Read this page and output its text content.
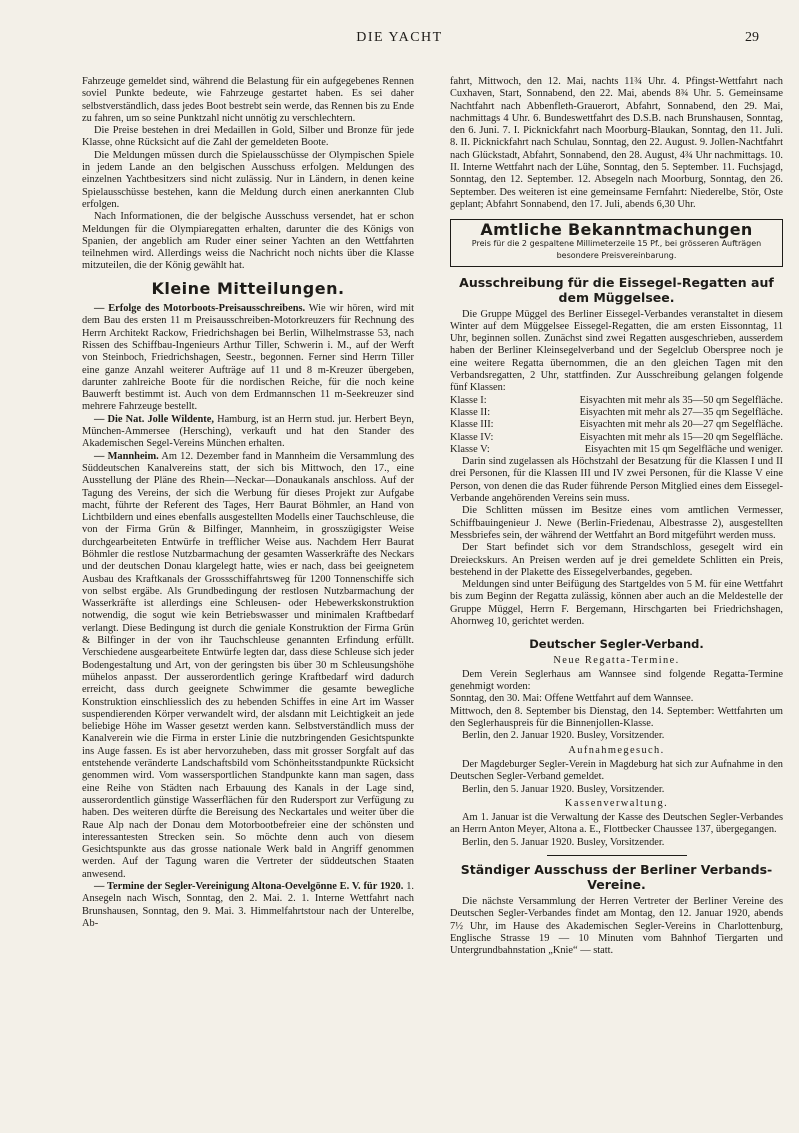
DIE YACHT	29

Fahrzeuge gemeldet sind, während die Belastung für ein aufgegebenes Rennen soviel Punkte bedeute, wie Fahrzeuge gestartet haben. Es sei daher selbstverständlich, dass jedes Boot bestrebt sein werde, das Rennen bis zu Ende zu fahren, um so seine Punktzahl nicht unnötig zu verschlechtern.

Die Preise bestehen in drei Medaillen in Gold, Silber und Bronze für jede Klasse, ohne Rücksicht auf die Zahl der gemeldeten Boote.

Die Meldungen müssen durch die Spielausschüsse der Olympischen Spiele in jedem Lande an den belgischen Ausschuss erfolgen. Meldungen des einzelnen Yachtbesitzers sind nicht zulässig. Nur in Ländern, in denen keine Spielausschüsse bestehen, kann die Meldung durch einen anerkannten Club erfolgen.

Nach Informationen, die der belgische Ausschuss versendet, hat er schon Meldungen für die Olympiaregatten erhalten, darunter die des Königs von Spanien, der angeblich am Ruder einer seiner Yachten an den Wettfahrten teilnehmen wird. Allerdings weiss die Nachricht noch nichts über die Klasse mitzuteilen, die der König gewählt hat.

Kleine Mitteilungen.

— Erfolge des Motorboots-Preisausschreibens. Wie wir hören, wird mit dem Bau des ersten 11 m Preisausschreiben-Motorkreuzers für Rechnung des Herrn Architekt Rackow, Friedrichshagen bei Berlin, Wilhelmstrasse 53, nach Rissen des Schiffbau-Ingenieurs Arthur Tiller, Schwerin i. M., auf der Werft von Steinboch, Friedrichshagen, Seestr., begonnen. Ferner sind Herrn Tiller eine ganze Anzahl weiterer Aufträge auf 11 und 8 m-Kreuzer übergeben, darunter zahlreiche Boote für die nordischen Reiche, für die noch keine Bauwerft bestimmt ist. Auch von dem Erdmannschen 11 m-Seekreuzer sind mehrere Fahrzeuge bestellt.

— Die Nat. Jolle Wildente, Hamburg, ist an Herrn stud. jur. Herbert Beyn, München-Ammersee (Hersching), verkauft und hat den Stander des Akademischen Segel-Vereins München erhalten.

— Mannheim. Am 12. Dezember fand in Mannheim die Versammlung des Süddeutschen Kanalvereins statt, der sich bis Mittwoch, den 17., eine Ausstellung der Pläne des Rhein—Neckar—Donaukanals anschloss. Auf der Tagung des Vereins, der sich die Werbung für dieses Projekt zur Aufgabe macht, führte der Referent des Tages, Herr Baurat Böhmler, an Hand von Lichtbildern und eines ebenfalls ausgestellten Modells einer Tauchschleuse, die von der Firma Grün & Bilfinger, Mannheim, in grosszügigster Weise durchgearbeiteten Entwürfe in trefflicher Weise aus. Nachdem Herr Baurat Böhmler die restlose Nutzbarmachung der gesamten Wasserkräfte des Neckars und der deutschen Donau klargelegt hatte, wies er nach, dass bei geeignetem Ausbau des Kraftkanals der Grossschiffahrtsweg für 1200 Tonnenschiffe sich von selbst ergäbe. Als Grundbedingung der restlosen Nutzbarmachung der Wasserkräfte ist allerdings eine Schleusen- oder Hebewerkskonstruktion notwendig, die sogut wie kein Betriebswasser und minimalen Kraftbedarf verlangt. Diese Bedingung ist durch die geniale Konstruktion der Firma Grün & Bilfinger in der von ihr Tauchschleuse genannten Erfindung erfüllt. Verschiedene ausgearbeitete Entwürfe legten dar, dass diese Schleuse sich jeder Bodengestaltung und Art, von der geringsten bis über 30 m Schleusungshöhe mühelos anpasst. Der ausserordentlich geringe Kraftbedarf wird dadurch erreicht, dass durch geeignete Schwimmer die gesamte bewegliche Konstruktion einschliesslich des zu hebenden Schiffes in eine Art im Wasser suspendierenden Körper verwandelt wird, der alsdann mit Leichtigkeit an jede beliebige Höhe im Wasser gesetzt werden kann. Selbstverständlich muss der Kanalverein wie die Firma in erster Linie die nutzbringenden Gesichtspunkte ins Auge fassen. Es ist aber hervorzuheben, dass mit grosser Sorgfalt auf das entstehende veränderte Landschaftsbild vom Schönheitsstandpunkte Rücksicht genommen wird. Vom wassersportlichen Standpunkte kann man sagen, dass eine Reihe von Städten nach Erbauung des Kanals in der Lage sind, ausserordentlich günstige Wasserflächen für den Rudersport zur Verfügung zu haben. Des weiteren dürfte die Bereisung des Neckartales und weiter über die Raue Alp nach der Donau dem Motorbootbefreier eine der schönsten und interessantesten Strecken sein. So möchte denn auch von diesem Gesichtspunkte aus das grosse nationale Werk bald in Angriff genommen werden. Auf der Tagung waren die Vertreter der süddeutschen Staaten anwesend.

— Termine der Segler-Vereinigung Altona-Oevelgönne E. V. für 1920. 1. Ansegeln nach Wisch, Sonntag, den 2. Mai. 2. 1. Interne Wettfahrt nach Brunshausen, Sonntag, den 9. Mai. 3. Himmelfahrtstour nach der Unterelbe, Ab-

fahrt, Mittwoch, den 12. Mai, nachts 11¾ Uhr. 4. Pfingst-Wettfahrt nach Cuxhaven, Start, Sonnabend, den 22. Mai, abends 8¾ Uhr. 5. Gemeinsame Nachtfahrt nach Abbenfleth-Grauerort, Abfahrt, Sonnabend, den 29. Mai, nachmittags 4 Uhr. 6. Bundeswettfahrt des D.S.B. nach Brunshausen, Sonntag, den 6. Juni. 7. I. Picknickfahrt nach Moorburg-Blaukan, Sonntag, den 11. Juli. 8. II. Picknickfahrt nach Schulau, Sonntag, den 22. August. 9. Jollen-Nachtfahrt nach Glückstadt, Abfahrt, Sonnabend, den 28. August, 4¾ Uhr nachmittags. 10. II. Interne Wettfahrt nach der Lühe, Sonntag, den 5. September. 11. Fuchsjagd, Sonntag, den 12. September. 12. Absegeln nach Moorburg, Sonntag, den 26. September. Des weiteren ist eine gemeinsame Fernfahrt: Niederelbe, Stör, Oste geplant; Abfahrt Sonnabend, den 17. Juli, abends 6,30 Uhr.

Amtliche Bekanntmachungen
Preis für die 2 gespaltene Millimeterzeile 15 Pf., bei grösseren Aufträgen
besondere Preisvereinbarung.
Ausschreibung für die Eissegel-Regatten auf dem Müggelsee.

Die Gruppe Müggel des Berliner Eissegel-Verbandes veranstaltet in diesem Winter auf dem Müggelsee Eissegel-Regatten, die am ersten Eissonntag, 11 Uhr, beginnen sollen. Zunächst sind zwei Regatten ausgeschrieben, ausserdem haben der Berliner Kleinsegelverband und der Segelclub Oberspree noch je eine weitere Regatta übernommen, die an den gleichen Tagen mit den Verbandsregatten, 2 Uhr, stattfinden. Zur Ausschreibung gelangen folgende fünf Klassen:

Klasse I:	Eisyachten mit mehr als 35—50 qm Segelfläche.
Klasse II:	Eisyachten mit mehr als 27—35 qm Segelfläche.
Klasse III:	Eisyachten mit mehr als 20—27 qm Segelfläche.
Klasse IV:	Eisyachten mit mehr als 15—20 qm Segelfläche.
Klasse V:	Eisyachten mit 15 qm Segelfläche und weniger.

Darin sind zugelassen als Höchstzahl der Besatzung für die Klassen I und II drei Personen, für die Klassen III und IV zwei Personen, für die Klasse V eine Person, von denen die das Ruder führende Person Mitglied eines dem Eissegel-Verbande angehörenden Vereins sein muss.

Die Schlitten müssen im Besitze eines vom amtlichen Vermesser, Schiffbauingenieur J. Newe (Berlin-Friedenau, Albestrasse 2), ausgestellten Messbriefes sein, der während der Wettfahrt an Bord mitgeführt werden muss.

Der Start befindet sich vor dem Strandschloss, gesegelt wird ein Dreieckskurs. An Preisen werden auf je drei gemeldete Schlitten ein Preis, bestehend in der Plakette des Eissegelverbandes, gegeben.

Meldungen sind unter Beifügung des Startgeldes von 5 M. für eine Wettfahrt bis zum Beginn der Regatta zulässig, können aber auch an die Meldestelle der Gruppe Müggel, Herrn F. Bergemann, Hirschgarten bei Friedrichshagen, Ahornweg 10, gerichtet werden.

Deutscher Segler-Verband.
Neue Regatta-Termine.

Dem Verein Seglerhaus am Wannsee sind folgende Regatta-Termine genehmigt worden:

Sonntag, den 30. Mai: Offene Wettfahrt auf dem Wannsee.

Mittwoch, den 8. September bis Dienstag, den 14. September: Wettfahrten um den Seglerhauspreis für die Binnenjollen-Klasse.

Berlin, den 2. Januar 1920. Busley, Vorsitzender.

Aufnahmegesuch.

Der Magdeburger Segler-Verein in Magdeburg hat sich zur Aufnahme in den Deutschen Segler-Verband gemeldet.

Berlin, den 5. Januar 1920. Busley, Vorsitzender.

Kassenverwaltung.

Am 1. Januar ist die Verwaltung der Kasse des Deutschen Segler-Verbandes an Herrn Anton Meyer, Altona a. E., Flottbecker Chaussee 137, übergegangen.

Berlin, den 5. Januar 1920. Busley, Vorsitzender.

Ständiger Ausschuss der Berliner Verbands-Vereine.

Die nächste Versammlung der Herren Vertreter der Berliner Vereine des Deutschen Segler-Verbandes findet am Montag, den 12. Januar 1920, abends 7½ Uhr, im Hause des Akademischen Segler-Vereins in Charlottenburg, Englische Strasse 19 — 10 Minuten vom Bahnhof Tiergarten und Untergrundbahnstation „Knie“ — statt.
